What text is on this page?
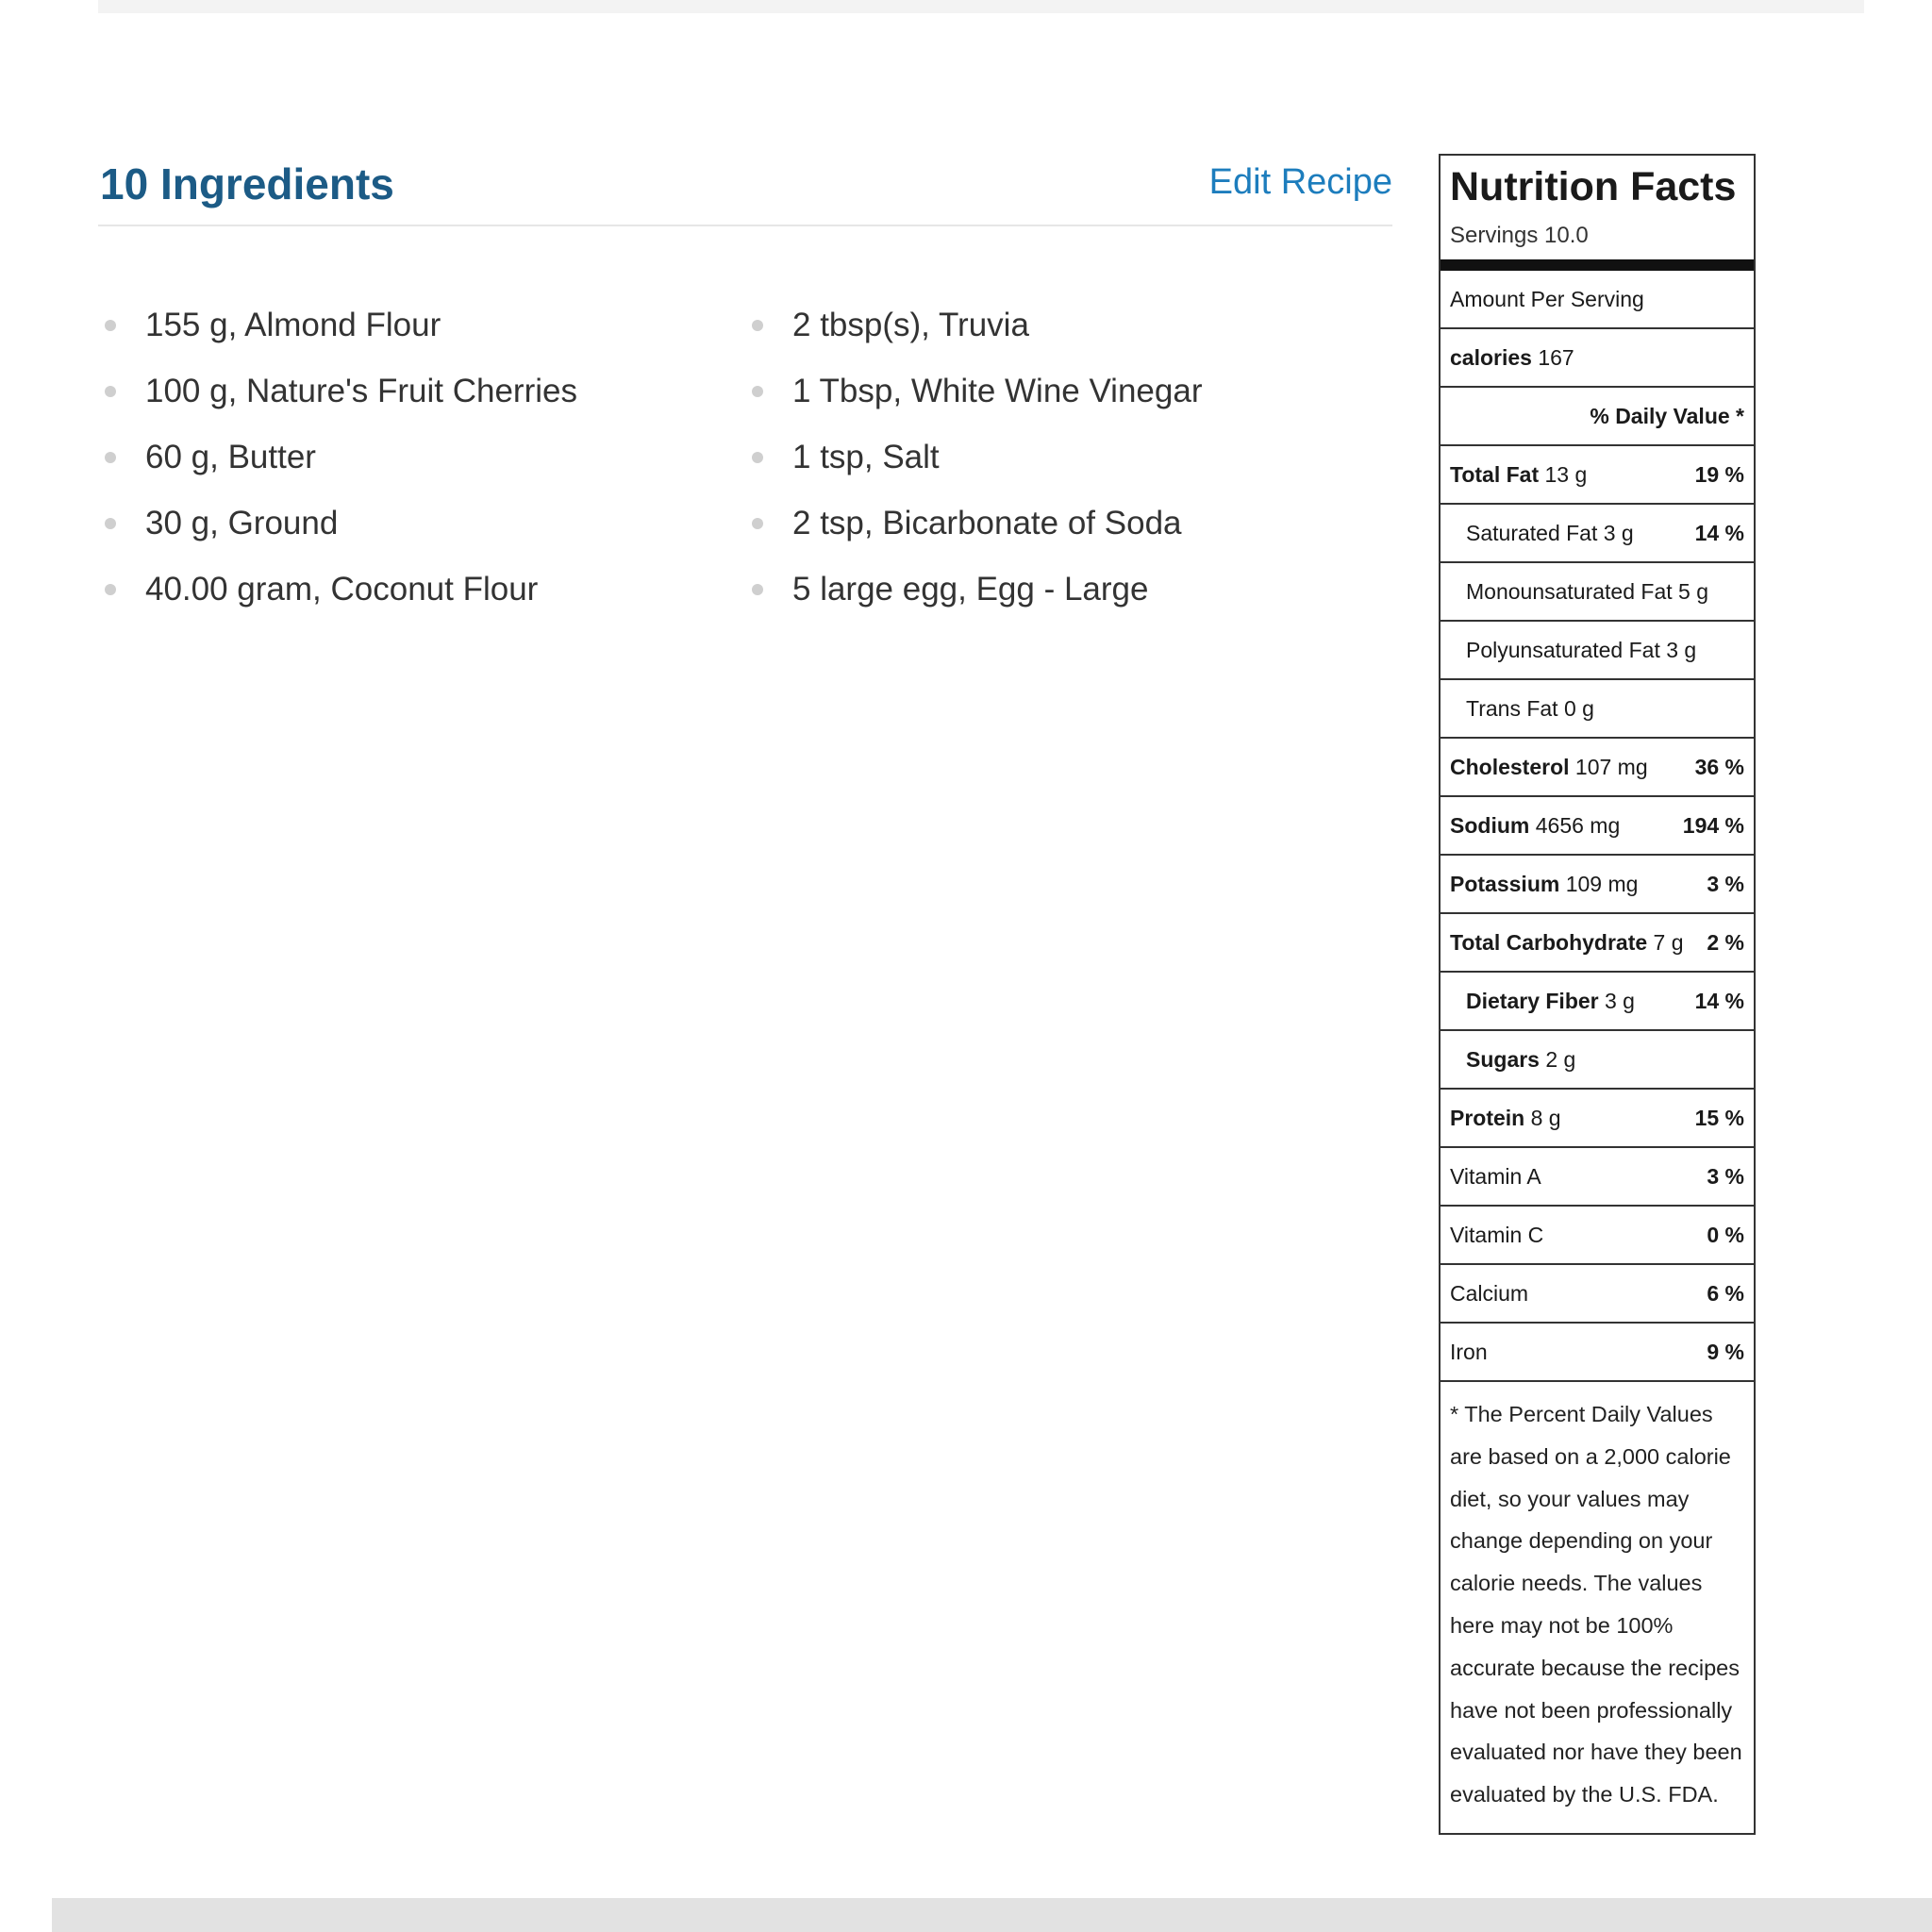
10 Ingredients	Edit Recipe
155 g, Almond Flour
100 g, Nature's Fruit Cherries
60 g, Butter
30 g, Ground
40.00 gram, Coconut Flour
2 tbsp(s), Truvia
1 Tbsp, White Wine Vinegar
1 tsp, Salt
2 tsp, Bicarbonate of Soda
5 large egg, Egg - Large
Nutrition Facts
Servings 10.0
Amount Per Serving
calories 167
% Daily Value *
Total Fat 13 g	19 %
Saturated Fat 3 g	14 %
Monounsaturated Fat 5 g
Polyunsaturated Fat 3 g
Trans Fat 0 g
Cholesterol 107 mg 36 %
Sodium 4656 mg	194 %
Potassium 109 mg	3 %
Total Carbohydrate 7 g 2 %
Dietary Fiber 3 g	14 %
Sugars 2 g
Protein 8 g	15 %
Vitamin A	3 %
Vitamin C	0 %
Calcium	6 %
Iron	9 %
* The Percent Daily Values are based on a 2,000 calorie diet, so your values may change depending on your calorie needs. The values here may not be 100% accurate because the recipes have not been professionally evaluated nor have they been evaluated by the U.S. FDA.
